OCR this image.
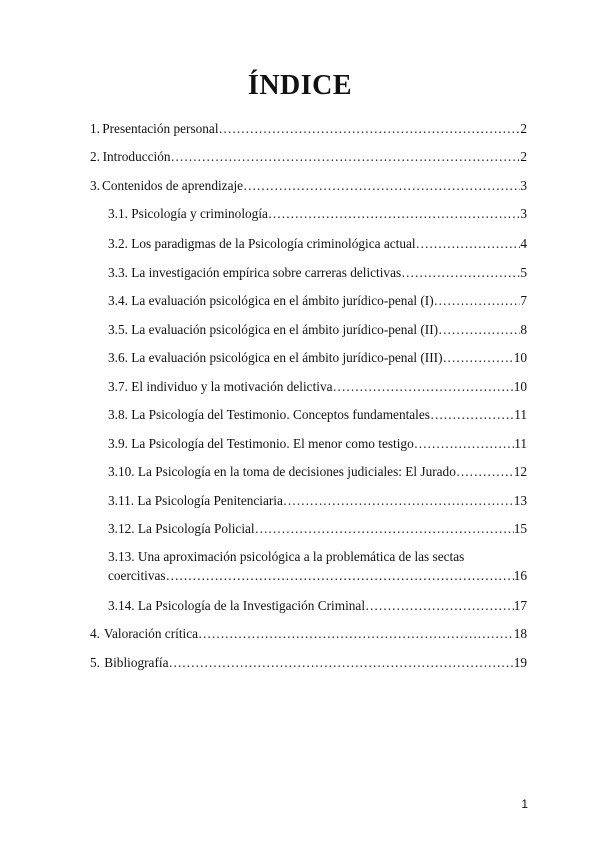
ÍNDICE
1. Presentación personal …………………………………………………………………………………………………………………………………………………………………	2
2. Introducción …………………………………………………………………………………………………………………………………………………………………	2
3. Contenidos de aprendizaje …………………………………………………………………………………………………………………………………………………………………	3
3.1. Psicología y criminología …………………………………………………………………………………………………………………………………………………………………	3
3.2. Los paradigmas de la Psicología criminológica actual …………………………………………………………………………………………………………………………………………………………………	4
3.3. La investigación empírica sobre carreras delictivas …………………………………………………………………………………………………………………………………………………………………	5
3.4. La evaluación psicológica en el ámbito jurídico-penal (I) …………………………………………………………………………………………………………………………………………………………………	7
3.5. La evaluación psicológica en el ámbito jurídico-penal (II) …………………………………………………………………………………………………………………………………………………………………	8
3.6. La evaluación psicológica en el ámbito jurídico-penal (III) …………………………………………………………………………………………………………………………………………………………………	10
3.7. El individuo y la motivación delictiva …………………………………………………………………………………………………………………………………………………………………	10
3.8. La Psicología del Testimonio. Conceptos fundamentales …………………………………………………………………………………………………………………………………………………………………	11
3.9. La Psicología del Testimonio. El menor como testigo …………………………………………………………………………………………………………………………………………………………………	11
3.10. La Psicología en la toma de decisiones judiciales: El Jurado …………………………………………………………………………………………………………………………………………………………………	12
3.11. La Psicología Penitenciaria …………………………………………………………………………………………………………………………………………………………………	13
3.12. La Psicología Policial …………………………………………………………………………………………………………………………………………………………………	15
3.13. Una aproximación psicológica a la problemática de las sectas
coercitivas …………………………………………………………………………………………………………………………………………	16
3.14. La Psicología de la Investigación Criminal …………………………………………………………………………………………………………………………………………………………………	17
4. Valoración crítica …………………………………………………………………………………………………………………………………………………………………	18
5. Bibliografía …………………………………………………………………………………………………………………………………………………………………	19
1
